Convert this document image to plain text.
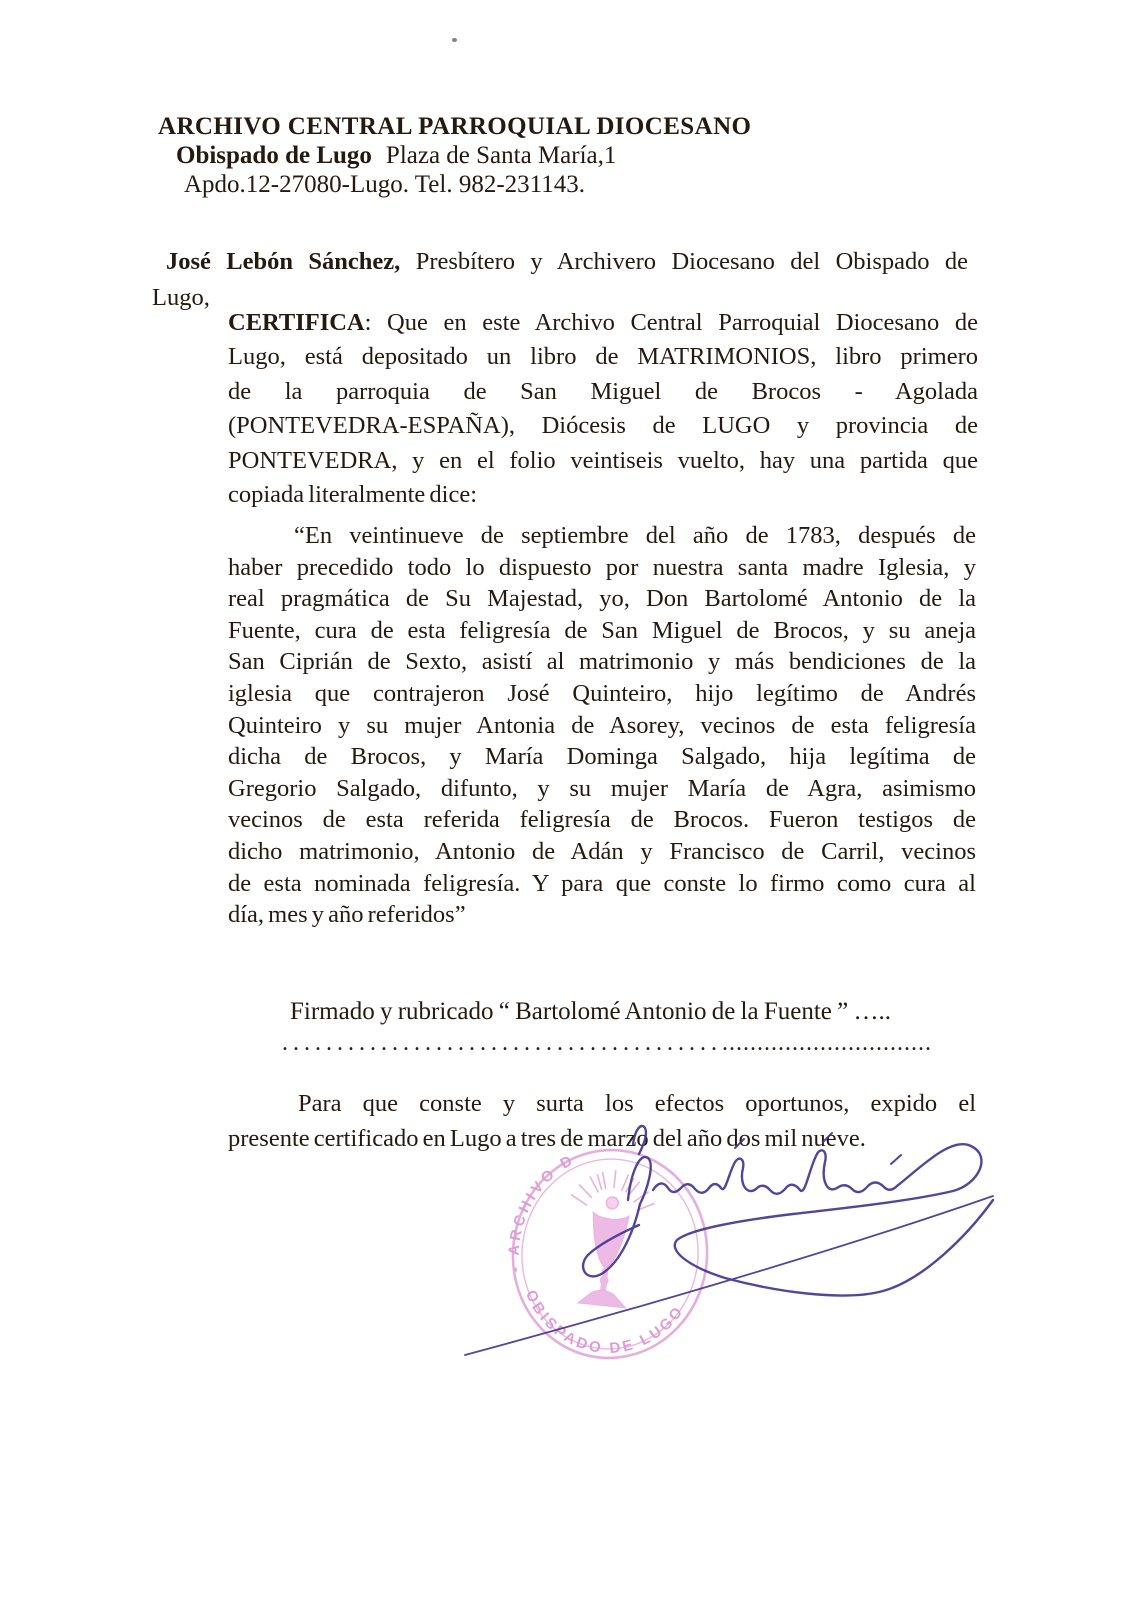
ARCHIVO CENTRAL PARROQUIAL DIOCESANO
Obispado de Lugo Plaza de Santa María,1
Apdo.12-27080-Lugo. Tel. 982-231143.
José Lebón Sánchez, Presbítero y Archivero Diocesano del Obispado de
Lugo,
CERTIFICA: Que en este Archivo Central Parroquial Diocesano de
Lugo, está depositado un libro de MATRIMONIOS, libro primero
de la parroquia de San Miguel de Brocos - Agolada
(PONTEVEDRA-ESPAÑA), Diócesis de LUGO y provincia de
PONTEVEDRA, y en el folio veintiseis vuelto, hay una partida que
copiada literalmente dice:
“En veintinueve de septiembre del año de 1783, después de
haber precedido todo lo dispuesto por nuestra santa madre Iglesia, y
real pragmática de Su Majestad, yo, Don Bartolomé Antonio de la
Fuente, cura de esta feligresía de San Miguel de Brocos, y su aneja
San Ciprián de Sexto, asistí al matrimonio y más bendiciones de la
iglesia que contrajeron José Quinteiro, hijo legítimo de Andrés
Quinteiro y su mujer Antonia de Asorey, vecinos de esta feligresía
dicha de Brocos, y María Dominga Salgado, hija legítima de
Gregorio Salgado, difunto, y su mujer María de Agra, asimismo
vecinos de esta referida feligresía de Brocos. Fueron testigos de
dicho matrimonio, Antonio de Adán y Francisco de Carril, vecinos
de esta nominada feligresía. Y para que conste lo firmo como cura al
día, mes y año referidos”
Firmado y rubricado “ Bartolomé Antonio de la Fuente ” …..
......................................................................
Para que conste y surta los efectos oportunos, expido el
presente certificado en Lugo a tres de marzo del año dos mil nueve.
- ARCHIVO D
OBISPADO DE LUGO
